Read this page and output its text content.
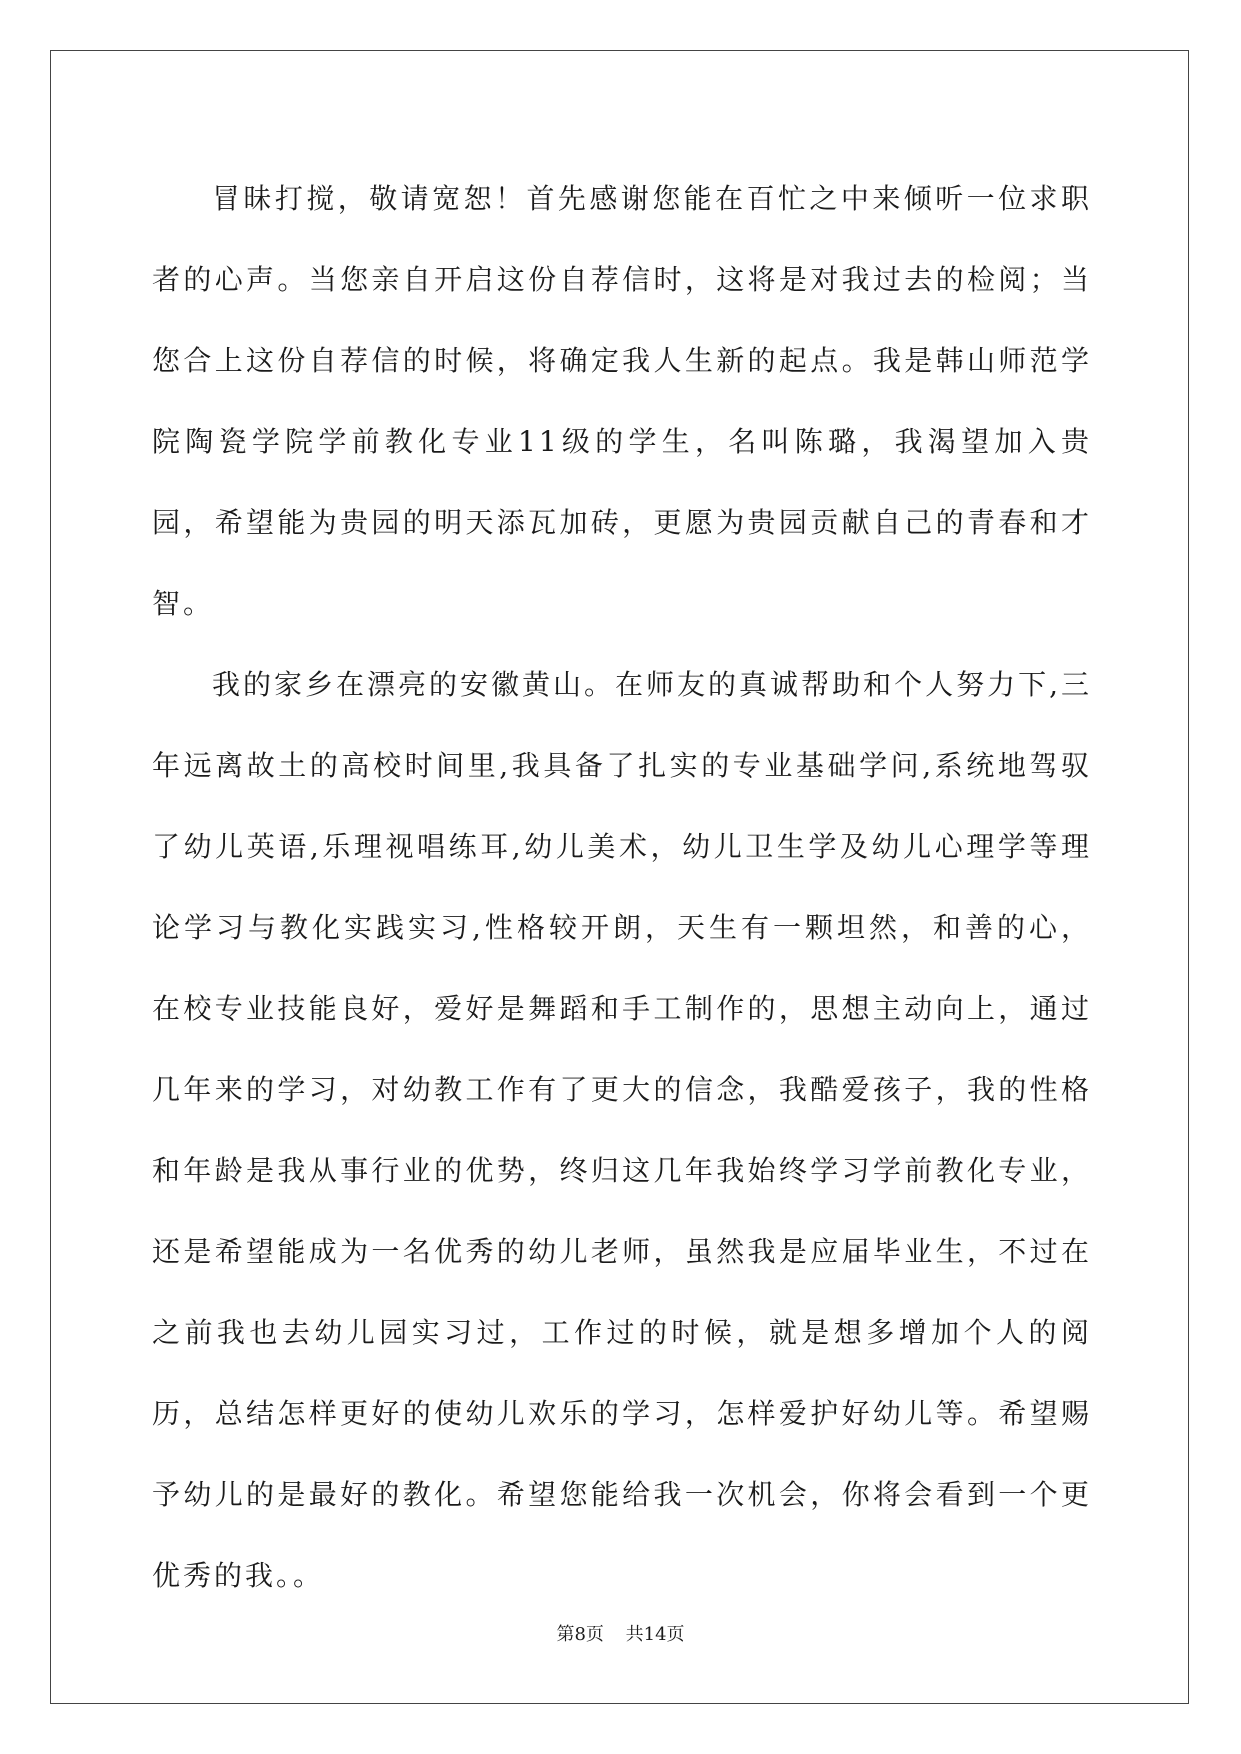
冒昧打搅，敬请宽恕！首先感谢您能在百忙之中来倾听一位求职者的心声。当您亲自开启这份自荐信时，这将是对我过去的检阅；当您合上这份自荐信的时候，将确定我人生新的起点。我是韩山师范学院陶瓷学院学前教化专业11级的学生，名叫陈璐，我渴望加入贵园，希望能为贵园的明天添瓦加砖，更愿为贵园贡献自己的青春和才智。

我的家乡在漂亮的安徽黄山。在师友的真诚帮助和个人努力下,三年远离故土的高校时间里,我具备了扎实的专业基础学问,系统地驾驭了幼儿英语,乐理视唱练耳,幼儿美术，幼儿卫生学及幼儿心理学等理论学习与教化实践实习,性格较开朗，天生有一颗坦然，和善的心，在校专业技能良好，爱好是舞蹈和手工制作的，思想主动向上，通过几年来的学习，对幼教工作有了更大的信念，我酷爱孩子，我的性格和年龄是我从事行业的优势，终归这几年我始终学习学前教化专业，还是希望能成为一名优秀的幼儿老师，虽然我是应届毕业生，不过在之前我也去幼儿园实习过，工作过的时候，就是想多增加个人的阅历，总结怎样更好的使幼儿欢乐的学习，怎样爱护好幼儿等。希望赐予幼儿的是最好的教化。希望您能给我一次机会，你将会看到一个更优秀的我。。

第8页 共14页
